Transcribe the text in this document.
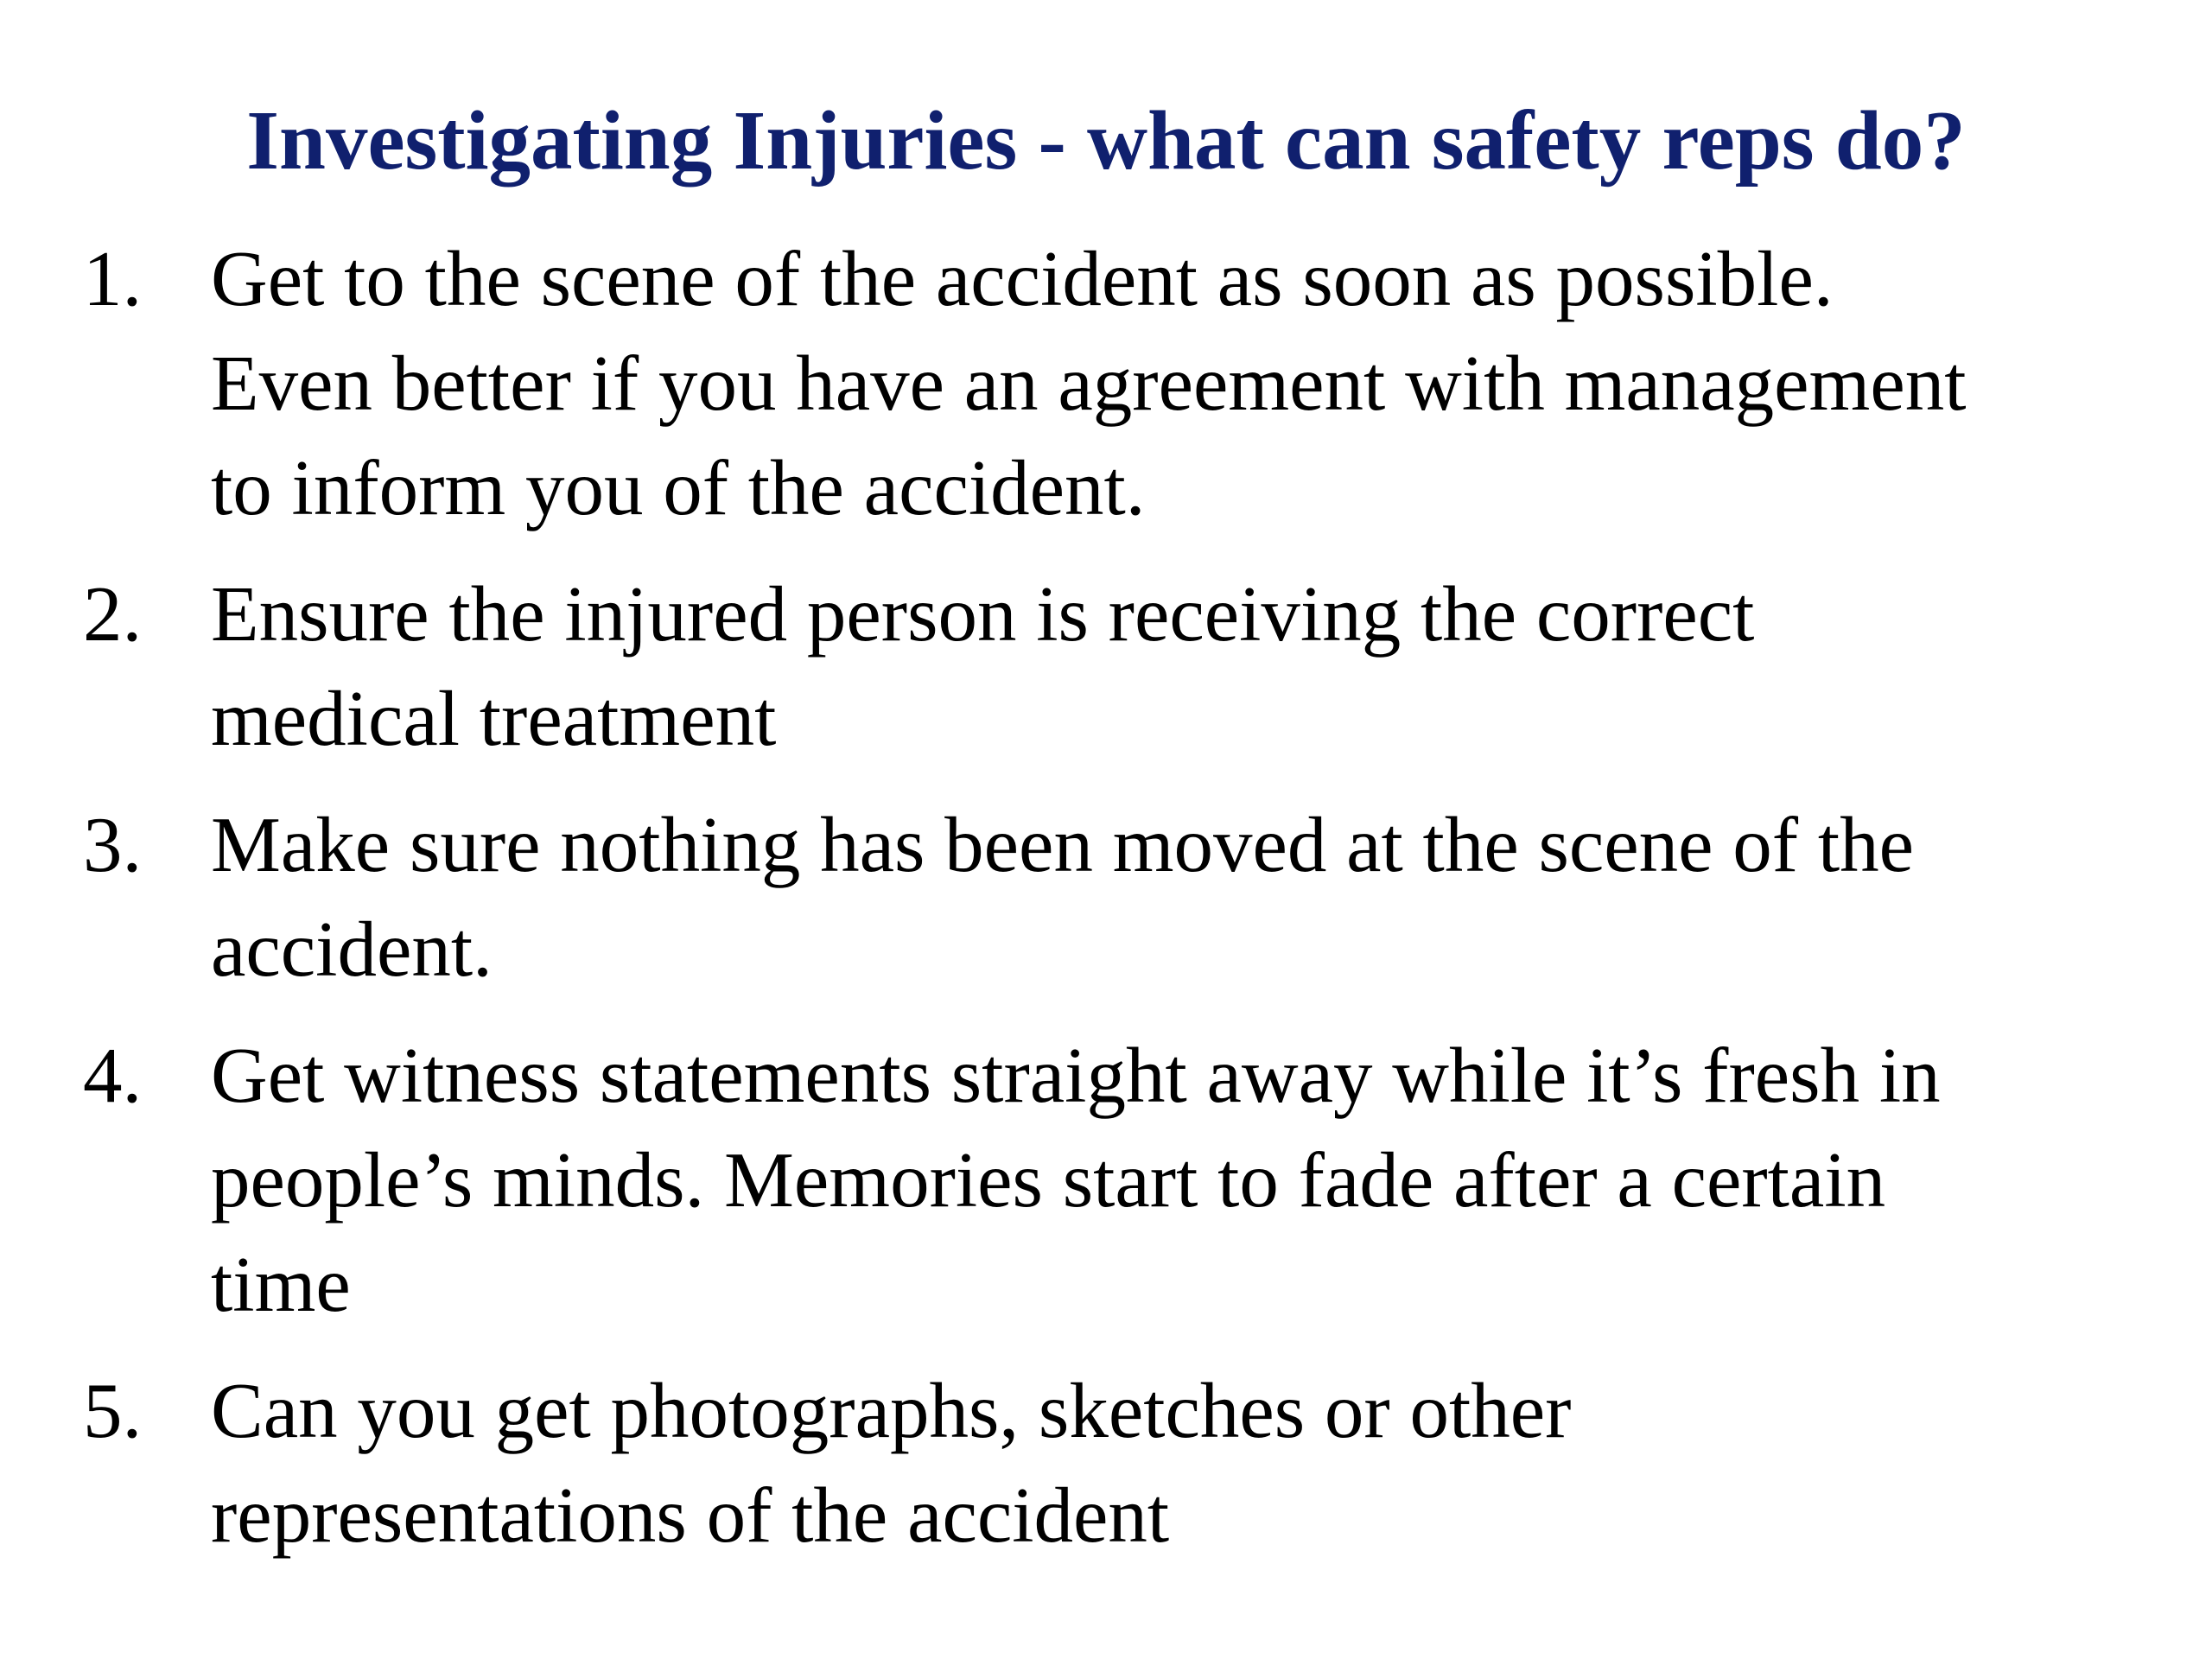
Investigating Injuries - what can safety reps do?
1. Get to the scene of the accident as soon as possible.
Even better if you have an agreement with management
to inform you of the accident.
2. Ensure the injured person is receiving the correct
medical treatment
3. Make sure nothing has been moved at the scene of the
accident.
4. Get witness statements straight away while it’s fresh in
people’s minds. Memories start to fade after a certain
time
5. Can you get photographs, sketches or other
representations of the accident
